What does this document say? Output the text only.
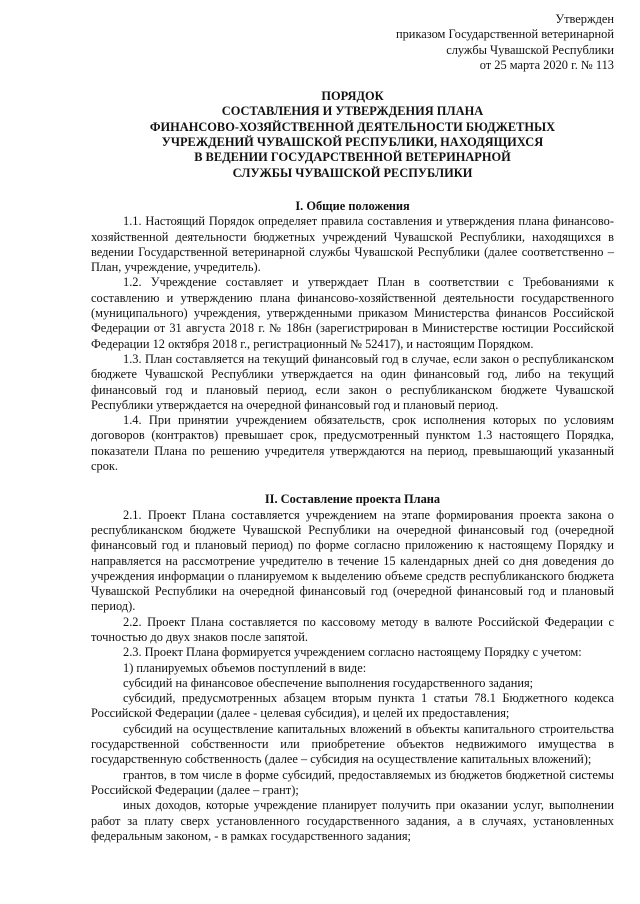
Утвержден
приказом Государственной ветеринарной
службы Чувашской Республики
от 25 марта 2020 г. № 113
ПОРЯДОК
СОСТАВЛЕНИЯ И УТВЕРЖДЕНИЯ ПЛАНА
ФИНАНСОВО-ХОЗЯЙСТВЕННОЙ ДЕЯТЕЛЬНОСТИ БЮДЖЕТНЫХ
УЧРЕЖДЕНИЙ ЧУВАШСКОЙ РЕСПУБЛИКИ, НАХОДЯЩИХСЯ
В ВЕДЕНИИ ГОСУДАРСТВЕННОЙ ВЕТЕРИНАРНОЙ
СЛУЖБЫ ЧУВАШСКОЙ РЕСПУБЛИКИ
I. Общие положения

1.1. Настоящий Порядок определяет правила составления и утверждения плана финансово-хозяйственной деятельности бюджетных учреждений Чувашской Республики, находящихся в ведении Государственной ветеринарной службы Чувашской Республики (далее соответственно – План, учреждение, учредитель).

1.2. Учреждение составляет и утверждает План в соответствии с Требованиями к составлению и утверждению плана финансово-хозяйственной деятельности государственного (муниципального) учреждения, утвержденными приказом Министерства финансов Российской Федерации от 31 августа 2018 г. № 186н (зарегистрирован в Министерстве юстиции Российской Федерации 12 октября 2018 г., регистрационный № 52417), и настоящим Порядком.

1.3. План составляется на текущий финансовый год в случае, если закон о республиканском бюджете Чувашской Республики утверждается на один финансовый год, либо на текущий финансовый год и плановый период, если закон о республиканском бюджете Чувашской Республики утверждается на очередной финансовый год и плановый период.

1.4. При принятии учреждением обязательств, срок исполнения которых по условиям договоров (контрактов) превышает срок, предусмотренный пунктом 1.3 настоящего Порядка, показатели Плана по решению учредителя утверждаются на период, превышающий указанный срок.

II. Составление проекта Плана

2.1. Проект Плана составляется учреждением на этапе формирования проекта закона о республиканском бюджете Чувашской Республики на очередной финансовый год (очередной финансовый год и плановый период) по форме согласно приложению к настоящему Порядку и направляется на рассмотрение учредителю в течение 15 календарных дней со дня доведения до учреждения информации о планируемом к выделению объеме средств республиканского бюджета Чувашской Республики на очередной финансовый год (очередной финансовый год и плановый период).

2.2. Проект Плана составляется по кассовому методу в валюте Российской Федерации с точностью до двух знаков после запятой.

2.3. Проект Плана формируется учреждением согласно настоящему Порядку с учетом:

1) планируемых объемов поступлений в виде:

субсидий на финансовое обеспечение выполнения государственного задания;

субсидий, предусмотренных абзацем вторым пункта 1 статьи 78.1 Бюджетного кодекса Российской Федерации (далее - целевая субсидия), и целей их предоставления;

субсидий на осуществление капитальных вложений в объекты капитального строительства государственной собственности или приобретение объектов недвижимого имущества в государственную собственность (далее – субсидия на осуществление капитальных вложений);

грантов, в том числе в форме субсидий, предоставляемых из бюджетов бюджетной системы Российской Федерации (далее – грант);

иных доходов, которые учреждение планирует получить при оказании услуг, выполнении работ за плату сверх установленного государственного задания, а в случаях, установленных федеральным законом, - в рамках государственного задания;
